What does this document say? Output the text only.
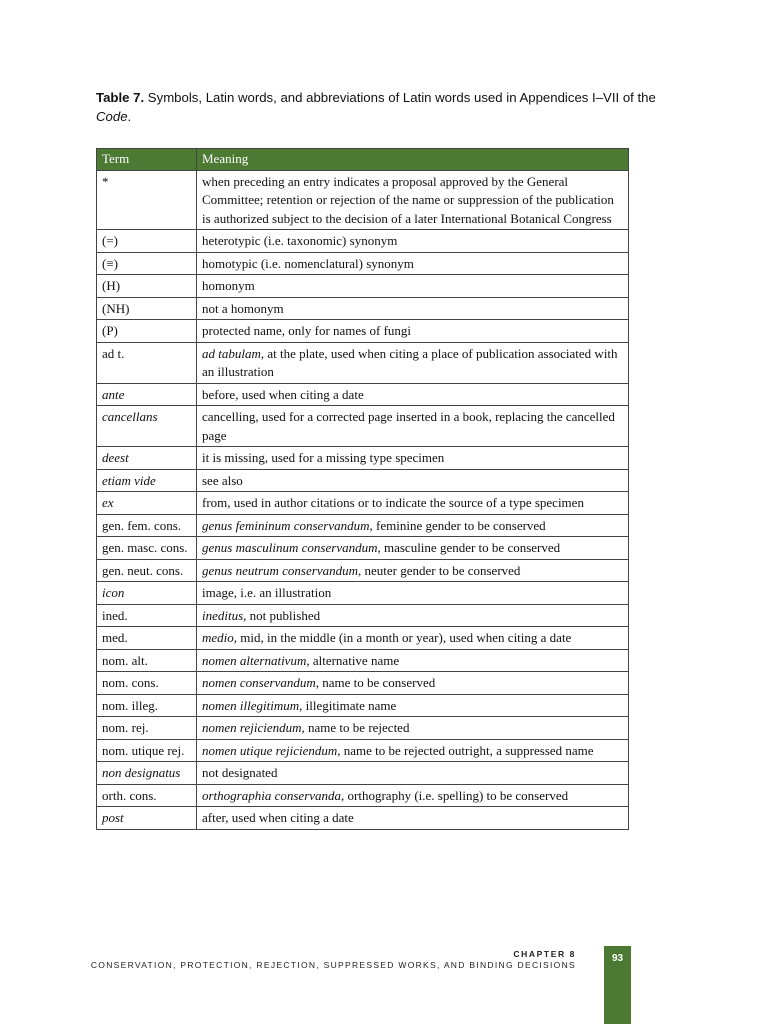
Table 7. Symbols, Latin words, and abbreviations of Latin words used in Appendices I–VII of the Code.
Term	Meaning
*	when preceding an entry indicates a proposal approved by the General Committee; retention or rejection of the name or suppression of the publication is authorized subject to the decision of a later International Botanical Congress
(=)	heterotypic (i.e. taxonomic) synonym
(≡)	homotypic (i.e. nomenclatural) synonym
(H)	homonym
(NH)	not a homonym
(P)	protected name, only for names of fungi
ad t.	ad tabulam, at the plate, used when citing a place of publication associated with an illustration
ante	before, used when citing a date
cancellans	cancelling, used for a corrected page inserted in a book, replacing the cancelled page
deest	it is missing, used for a missing type specimen
etiam vide	see also
ex	from, used in author citations or to indicate the source of a type specimen
gen. fem. cons.	genus femininum conservandum, feminine gender to be conserved
gen. masc. cons.	genus masculinum conservandum, masculine gender to be conserved
gen. neut. cons.	genus neutrum conservandum, neuter gender to be conserved
icon	image, i.e. an illustration
ined.	ineditus, not published
med.	medio, mid, in the middle (in a month or year), used when citing a date
nom. alt.	nomen alternativum, alternative name
nom. cons.	nomen conservandum, name to be conserved
nom. illeg.	nomen illegitimum, illegitimate name
nom. rej.	nomen rejiciendum, name to be rejected
nom. utique rej.	nomen utique rejiciendum, name to be rejected outright, a suppressed name
non designatus	not designated
orth. cons.	orthographia conservanda, orthography (i.e. spelling) to be conserved
post	after, used when citing a date
CHAPTER 8
CONSERVATION, PROTECTION, REJECTION, SUPPRESSED WORKS, AND BINDING DECISIONS
93
